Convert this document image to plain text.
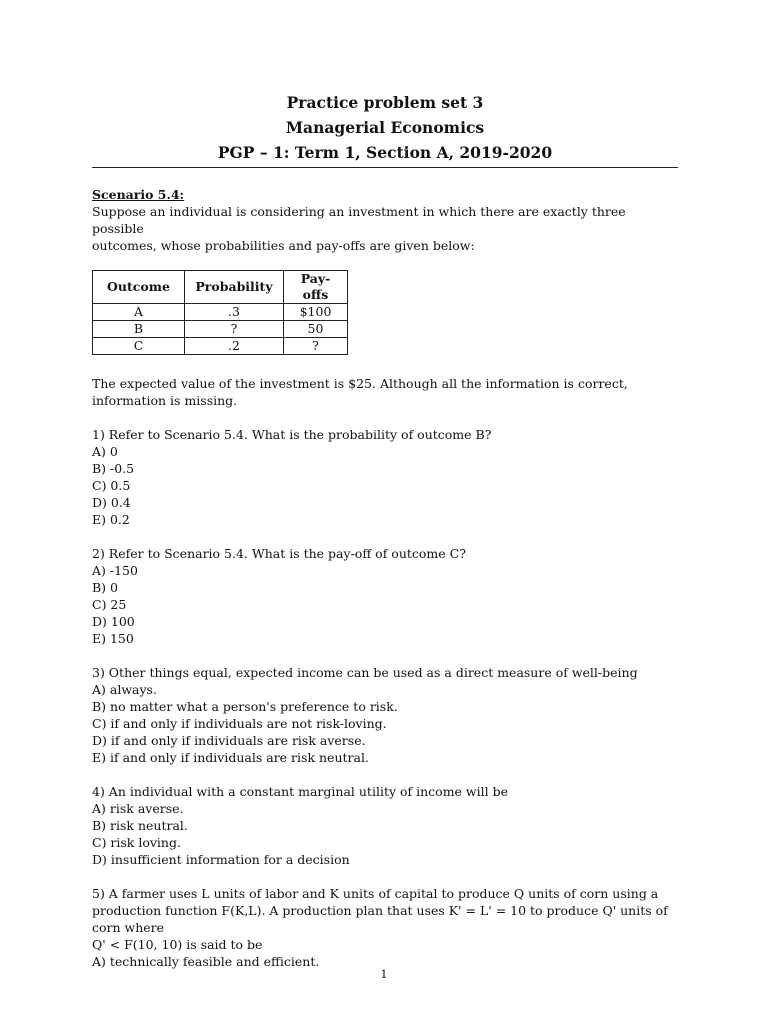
Practice problem set 3
Managerial Economics
PGP – 1: Term 1, Section A, 2019-2020

Scenario 5.4:

Suppose an individual is considering an investment in which there are exactly three possible

outcomes, whose probabilities and pay-offs are given below:

Outcome	Probability	Pay-offs
A	.3	$100
B	?	50
C	.2	?

The expected value of the investment is $25. Although all the information is correct,

information is missing.

1) Refer to Scenario 5.4. What is the probability of outcome B?

A) 0

B) -0.5

C) 0.5

D) 0.4

E) 0.2

2) Refer to Scenario 5.4. What is the pay-off of outcome C?

A) -150

B) 0

C) 25

D) 100

E) 150

3) Other things equal, expected income can be used as a direct measure of well-being

A) always.

B) no matter what a person's preference to risk.

C) if and only if individuals are not risk-loving.

D) if and only if individuals are risk averse.

E) if and only if individuals are risk neutral.

4) An individual with a constant marginal utility of income will be

A) risk averse.

B) risk neutral.

C) risk loving.

D) insufficient information for a decision

5) A farmer uses L units of labor and K units of capital to produce Q units of corn using a

production function F(K,L). A production plan that uses K' = L' = 10 to produce Q' units of

corn where

Q' < F(10, 10) is said to be

A) technically feasible and efficient.

1
